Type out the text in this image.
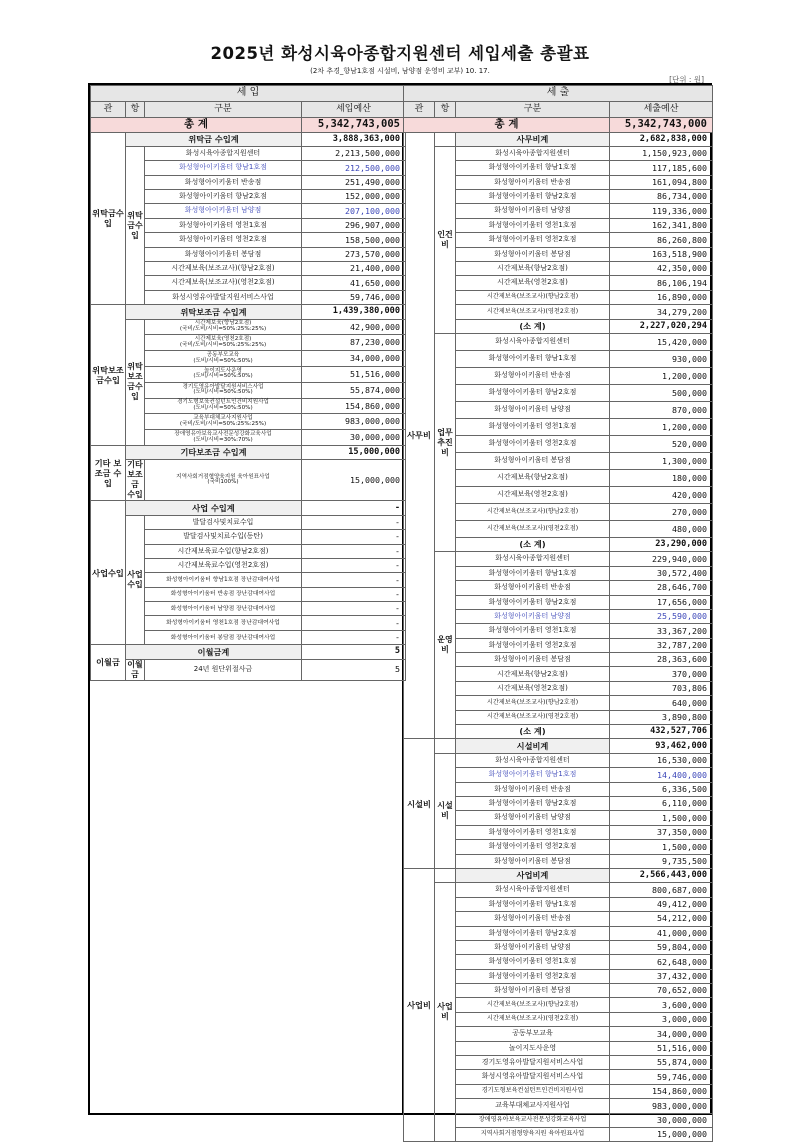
2025년 화성시육아종합지원센터 세입세출 총괄표
(2차 추경_향남1호점 시설비, 남양점 운영비 교부) 10. 17.
[단위 : 원]
세 입			
관	항	구분	세입예산
총 계			5,342,743,005
위탁금수입	위탁금 수입계		3,888,363,000
	위탁금수입	화성시육아종합지원센터	2,213,500,000
		화성형아이키움터 향남1호점	212,500,000
		화성형아이키움터 반송점	251,490,000
		화성형아이키움터 향남2호점	152,000,000
		화성형아이키움터 남양점	207,100,000
		화성형아이키움터 영천1호점	296,907,000
		화성형아이키움터 영천2호점	158,500,000
		화성형아이키움터 봉담점	273,570,000
		시간제보육(보조교사)(향남2호점)	21,400,000
		시간제보육(보조교사)(영천2호점)	41,650,000
		화성시영유아발달지원서비스사업	59,746,000
위탁보조금수입	위탁보조금 수입계		1,439,380,000
	위탁보조금수입	시간제보육(향남2호점)
(국비/도비/시비=50%:25%:25%)	42,900,000

		시간제보육(영천2호점)
(국비/도비/시비=50%:25%:25%)	87,230,000

		공동부모교육
(도비/시비=50%:50%)	34,000,000

		놀이지도사운영
(도비/시비=50%:50%)	51,516,000

		경기도영유아발달지원서비스사업
(도비/시비=50%:50%)	55,874,000

		경기도형보육컨설턴트인건비지원사업
(도비/시비=50%:50%)	154,860,000

		교육부대체교사지원사업
(국비/도비/시비=50%:25%:25%)	983,000,000

		장애영유아보육교사전문성강화교육사업
(도비/시비=30%:70%)	30,000,000
기타 보조금 수입	기타보조금 수입계		15,000,000
	기타보조금 수입	지역사회거점형양육지원 육아원표사업
(국비100%)	15,000,000
사업수입	사업 수입계		-
	사업수입	발달검사및치료수입	-
		발달검사및치료수입(동탄)	-
		시간제보육료수입(향남2호점)	-
		시간제보육료수입(영천2호점)	-
		화성형아이키움터 향남1호점 장난감대여사업	-
		화성형아이키움터 반송점 장난감대여사업	-
		화성형아이키움터 남양점 장난감대여사업	-
		화성형아이키움터 영천1호점 장난감대여사업	-
		화성형아이키움터 봉담점 장난감대여사업	-
이월금	이월금계		5
	이월금	24년 원단위절사금	5
세 출			
관	항	구분	세출예산
총 계			5,342,743,000
사무비		사무비계	2,682,838,000
	인건비	화성시육아종합지원센터	1,150,923,000
		화성형아이키움터 향남1호점	117,185,600
		화성형아이키움터 반송점	161,094,800
		화성형아이키움터 향남2호점	86,734,000
		화성형아이키움터 남양점	119,336,000
		화성형아이키움터 영천1호점	162,341,800
		화성형아이키움터 영천2호점	86,260,800
		화성형아이키움터 봉담점	163,518,900
		시간제보육(향남2호점)	42,350,000
		시간제보육(영천2호점)	86,106,194
		시간제보육(보조교사)(향남2호점)	16,890,000
		시간제보육(보조교사)(영천2호점)	34,279,200
		(소 계)	2,227,020,294
	업무추진비	화성시육아종합지원센터	15,420,000
		화성형아이키움터 향남1호점	930,000
		화성형아이키움터 반송점	1,200,000
		화성형아이키움터 향남2호점	500,000
		화성형아이키움터 남양점	870,000
		화성형아이키움터 영천1호점	1,200,000
		화성형아이키움터 영천2호점	520,000
		화성형아이키움터 봉담점	1,300,000
		시간제보육(향남2호점)	180,000
		시간제보육(영천2호점)	420,000
		시간제보육(보조교사)(향남2호점)	270,000
		시간제보육(보조교사)(영천2호점)	480,000
		(소 계)	23,290,000
	운영비	화성시육아종합지원센터	229,940,000
		화성형아이키움터 향남1호점	30,572,400
		화성형아이키움터 반송점	28,646,700
		화성형아이키움터 향남2호점	17,656,000
		화성형아이키움터 남양점	25,590,000
		화성형아이키움터 영천1호점	33,367,200
		화성형아이키움터 영천2호점	32,787,200
		화성형아이키움터 봉담점	28,363,600
		시간제보육(향남2호점)	370,000
		시간제보육(영천2호점)	703,806
		시간제보육(보조교사)(향남2호점)	640,000
		시간제보육(보조교사)(영천2호점)	3,890,800
		(소 계)	432,527,706
시설비		시설비계	93,462,000
	시설비	화성시육아종합지원센터	16,530,000
		화성형아이키움터 향남1호점	14,400,000
		화성형아이키움터 반송점	6,336,500
		화성형아이키움터 향남2호점	6,110,000
		화성형아이키움터 남양점	1,500,000
		화성형아이키움터 영천1호점	37,350,000
		화성형아이키움터 영천2호점	1,500,000
		화성형아이키움터 봉담점	9,735,500
사업비		사업비계	2,566,443,000
	사업비	화성시육아종합지원센터	800,687,000
		화성형아이키움터 향남1호점	49,412,000
		화성형아이키움터 반송점	54,212,000
		화성형아이키움터 향남2호점	41,000,000
		화성형아이키움터 남양점	59,804,000
		화성형아이키움터 영천1호점	62,648,000
		화성형아이키움터 영천2호점	37,432,000
		화성형아이키움터 봉담점	70,652,000
		시간제보육(보조교사)(향남2호점)	3,600,000
		시간제보육(보조교사)(영천2호점)	3,000,000
		공동부모교육	34,000,000
		놀이지도사운영	51,516,000
		경기도영유아발달지원서비스사업	55,874,000
		화성시영유아발달지원서비스사업	59,746,000
		경기도형보육컨설턴트인건비지원사업	154,860,000
		교육부대체교사지원사업	983,000,000
		장애영유아보육교사전문성강화교육사업	30,000,000
		지역사회거점형양육지원 육아원표사업	15,000,000
